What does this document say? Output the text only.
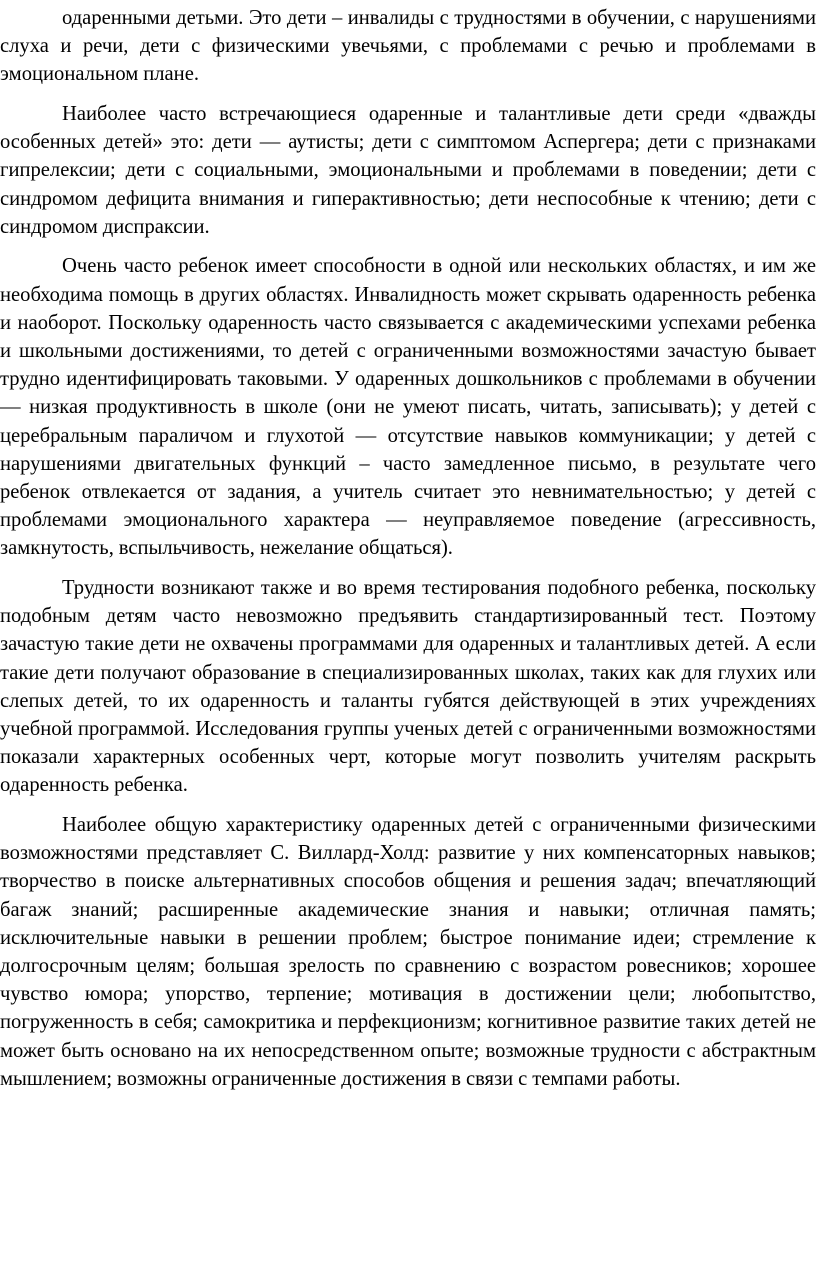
одаренными детьми. Это дети – инвалиды с трудностями в обучении, с нарушениями слуха и речи, дети с физическими увечьями, с проблемами с речью и проблемами в эмоциональном плане.

Наиболее часто встречающиеся одаренные и талантливые дети среди «дважды особенных детей» это: дети — аутисты; дети с симптомом Аспергера; дети с признаками гипрелексии; дети с социальными, эмоциональными и проблемами в поведении; дети с синдромом дефицита внимания и гиперактивностью; дети неспособные к чтению; дети с синдромом диспраксии.

Очень часто ребенок имеет способности в одной или нескольких областях, и им же необходима помощь в других областях. Инвалидность может скрывать одаренность ребенка и наоборот. Поскольку одаренность часто связывается с академическими успехами ребенка и школьными достижениями, то детей с ограниченными возможностями зачастую бывает трудно идентифицировать таковыми. У одаренных дошкольников с проблемами в обучении — низкая продуктивность в школе (они не умеют писать, читать, записывать); у детей с церебральным параличом и глухотой — отсутствие навыков коммуникации; у детей с нарушениями двигательных функций – часто замедленное письмо, в результате чего ребенок отвлекается от задания, а учитель считает это невнимательностью; у детей с проблемами эмоционального характера — неуправляемое поведение (агрессивность, замкнутость, вспыльчивость, нежелание общаться).

Трудности возникают также и во время тестирования подобного ребенка, поскольку подобным детям часто невозможно предъявить стандартизированный тест. Поэтому зачастую такие дети не охвачены программами для одаренных и талантливых детей. А если такие дети получают образование в специализированных школах, таких как для глухих или слепых детей, то их одаренность и таланты губятся действующей в этих учреждениях учебной программой. Исследования группы ученых детей с ограниченными возможностями показали характерных особенных черт, которые могут позволить учителям раскрыть одаренность ребенка.

Наиболее общую характеристику одаренных детей с ограниченными физическими возможностями представляет С. Виллард-Холд: развитие у них компенсаторных навыков; творчество в поиске альтернативных способов общения и решения задач; впечатляющий багаж знаний; расширенные академические знания и навыки; отличная память; исключительные навыки в решении проблем; быстрое понимание идеи; стремление к долгосрочным целям; большая зрелость по сравнению с возрастом ровесников; хорошее чувство юмора; упорство, терпение; мотивация в достижении цели; любопытство, погруженность в себя; самокритика и перфекционизм; когнитивное развитие таких детей не может быть основано на их непосредственном опыте; возможные трудности с абстрактным мышлением; возможны ограниченные достижения в связи с темпами работы.
